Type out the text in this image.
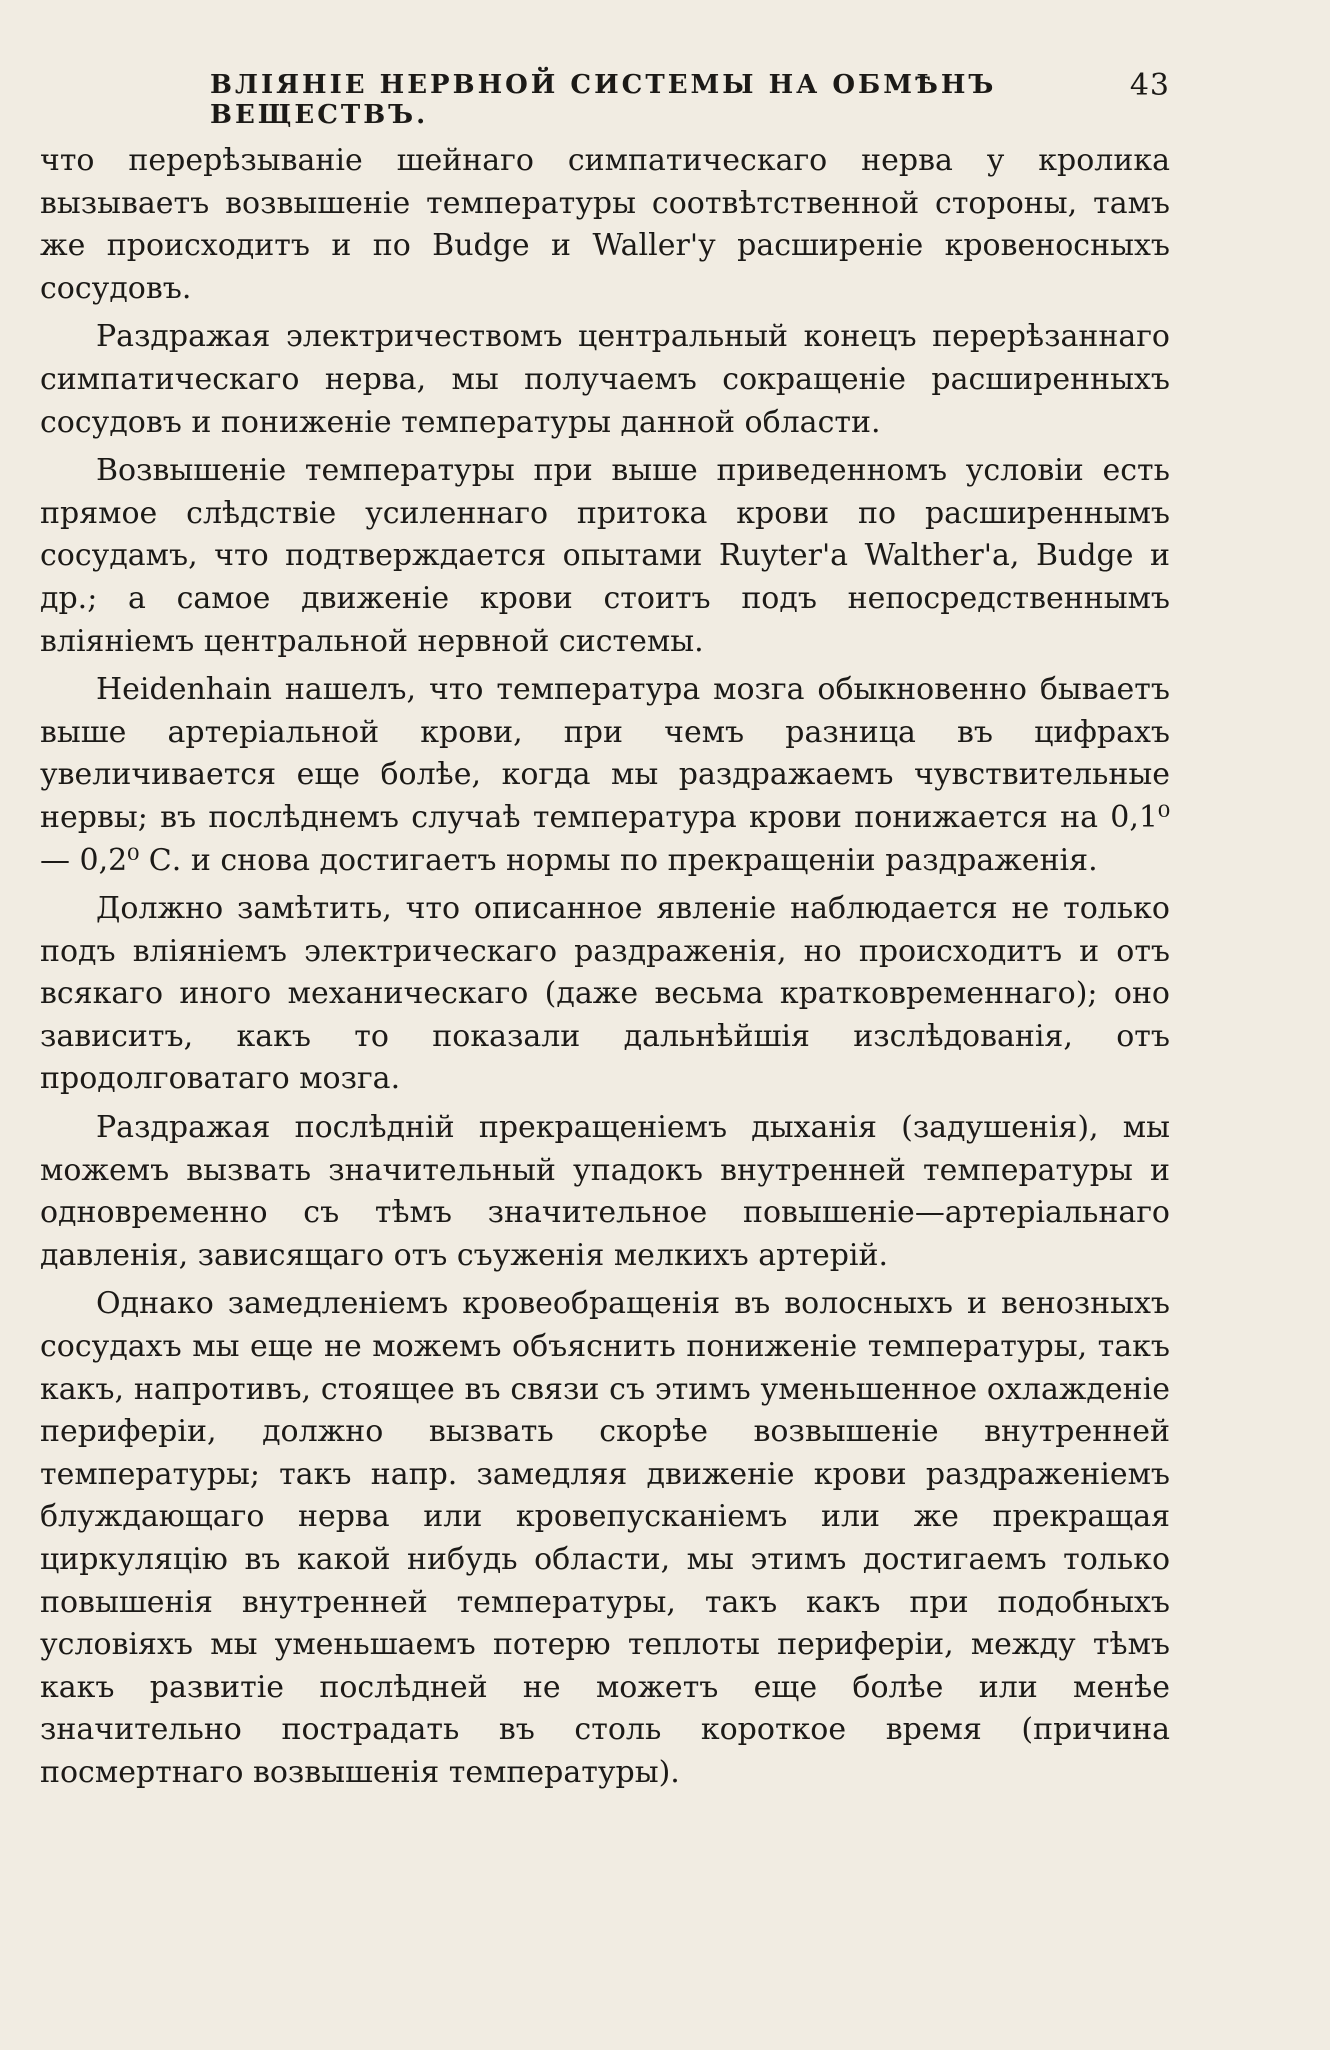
ВЛІЯНІЕ НЕРВНОЙ СИСТЕМЫ НА ОБМѢНЪ ВЕЩЕСТВЪ.
43

что перерѣзываніе шейнаго симпатическаго нерва у кролика вызываетъ возвышеніе температуры соотвѣтственной стороны, тамъ же происходитъ и по Budge и Waller'у расширеніе кровеносныхъ сосудовъ.

Раздражая электричествомъ центральный конецъ перерѣзаннаго симпатическаго нерва, мы получаемъ сокращеніе расширенныхъ сосудовъ и пониженіе температуры данной области.

Возвышеніе температуры при выше приведенномъ условіи есть прямое слѣдствіе усиленнаго притока крови по расширеннымъ сосудамъ, что подтверждается опытами Ruyter'а Walther'а, Budge и др.; а самое движеніе крови стоитъ подъ непосредственнымъ вліяніемъ центральной нервной системы.

Heidenhain нашелъ, что температура мозга обыкновенно бываетъ выше артеріальной крови, при чемъ разница въ цифрахъ увеличивается еще болѣе, когда мы раздражаемъ чувствительные нервы; въ послѣднемъ случаѣ температура крови понижается на 0,1⁰— 0,2⁰ С. и снова достигаетъ нормы по прекращеніи раздраженія.

Должно замѣтить, что описанное явленіе наблюдается не только подъ вліяніемъ электрическаго раздраженія, но происходитъ и отъ всякаго иного механическаго (даже весьма кратковременнаго); оно зависитъ, какъ то показали дальнѣйшія изслѣдованія, отъ продолговатаго мозга.

Раздражая послѣдній прекращеніемъ дыханія (задушенія), мы можемъ вызвать значительный упадокъ внутренней температуры и одновременно съ тѣмъ значительное повышеніе—артеріальнаго давленія, зависящаго отъ съуженія мелкихъ артерій.

Однако замедленіемъ кровеобращенія въ волосныхъ и венозныхъ сосудахъ мы еще не можемъ объяснить пониженіе температуры, такъ какъ, напротивъ, стоящее въ связи съ этимъ уменьшенное охлажденіе периферіи, должно вызвать скорѣе возвышеніе внутренней температуры; такъ напр. замедляя движеніе крови раздраженіемъ блуждающаго нерва или кровепусканіемъ или же прекращая циркуляцію въ какой нибудь области, мы этимъ достигаемъ только повышенія внутренней температуры, такъ какъ при подобныхъ условіяхъ мы уменьшаемъ потерю теплоты периферіи, между тѣмъ какъ развитіе послѣдней не можетъ еще болѣе или менѣе значительно пострадать въ столь короткое время (причина посмертнаго возвышенія температуры).
